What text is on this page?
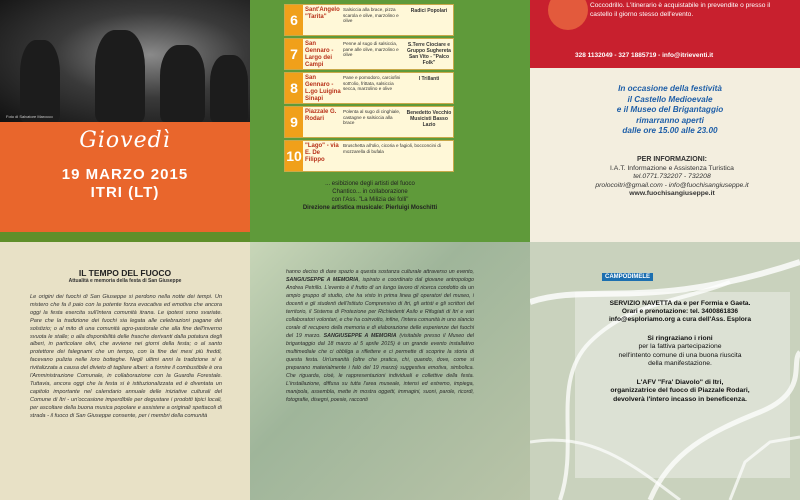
Foto di Salvatore Marocco
Giovedì
19 MARZO 2015
ITRI (LT)
6
Sant'Angelo "Tarita"
Salsiccia alla brace, pizza scarola e olive, marzolino e olive
Radici Popolari
7
San Gennaro - Largo dei Campi
Penne al sugo di salsiccia, pane alle olive, marzolino e olive
S.Terre Ciociare e Gruppo Sughereta San Vito - "Palco Folk"
8
San Gennaro - L.go Luigina Sinapi
Pane e pomodoro, carciofini sott'olio, frittata, salsiccia secca, marzolino e olive
I Trillanti
9
Piazzale G. Rodari
Polenta al sugo di cinghiale, castagne e salsiccia alla brace
Benedetto Vecchio Musicisti Basso Lazio
10
"Lago" - via E. De Filippo
Bruschetta all'olio, cicoria e fagioli, bocconcini di mozzarella di bufala
... esibizione degli artisti del fuoco
Chantico... in collaborazione
con l'Ass. "La Milizia dei folli"
Direzione artistica musicale: Pierluigi Moschitti
Coccodrillo. L'itinerario è acquistabile in prevendite o presso il castello il giorno stesso dell'evento.
328 1132049 - 327 1885719 - info@itrieventi.it
In occasione della festività
il Castello Medioevale
e il Museo del Brigantaggio
rimarranno aperti
dalle ore 15.00 alle 23.00
PER INFORMAZIONI:
I.A.T. Informazione e Assistenza Turistica
tel.0771.732207 - 732208
prolocoitri@gmail.com - info@fuochisangiuseppe.it
www.fuochisangiuseppe.it
IL TEMPO DEL FUOCO
Attualità e memoria della festa di San Giuseppe
Le origini dei fuochi di San Giuseppe si perdono nella notte dei tempi. Un mistero che fa il paio con la potente forza evocativa ed emotiva che ancora oggi la festa esercita sull'intera comunità itrana. Le ipotesi sono svariate. Pare che la tradizione dei fuochi sia legata alle celebrazioni pagane del solstizio; o al mito di una comunità agro-pastorale che alla fine dell'inverno svuota le stalle; o alla disponibilità delle frasche derivanti dalla potatura degli alberi, in particolare olivi, che avviene nei giorni della festa; o al santo protettore dei falegnami che un tempo, con la fine dei mesi più freddi, facevano pulizia nelle loro botteghe. Negli ultimi anni la tradizione si è rivitalizzata a causa del divieto di tagliare alberi: a fornire il combustibile è ora l'Amministrazione Comunale, in collaborazione con la Guardia Forestale. Tuttavia, ancora oggi che la festa si è istituzionalizzata ed è diventata un capitolo importante nel calendario annuale delle iniziative culturali del Comune di Itri - un'occasione imperdibile per degustare i prodotti tipici locali, per ascoltare della buona musica popolare e assistere a originali spettacoli di strada - il fuoco di San Giuseppe consente, per i membri della comunità
hanno deciso di dare spazio a questa sostanza culturale attraverso un evento, SANGIUSEPPE A MEMORIA, ispirato e coordinato dal giovane antropologo Andrea Petrillo. L'evento è il frutto di un lungo lavoro di ricerca condotto da un ampio gruppo di studio, che ha visto in prima linea gli operatori del museo, i docenti e gli studenti dell'Istituto Comprensivo di Itri, gli artisti e gli scrittori del territorio, il Sistema di Protezione per Richiedenti Asilo e Rifugiati di Itri e vari collaboratori volontari, e che ha coinvolto, infine, l'intera comunità in uno slancio corale di recupero della memoria e di elaborazione delle esperienze dei fuochi del 19 marzo. SANGIUSEPPE A MEMORIA (visitabile presso il Museo del brigantaggio dal 18 marzo al 5 aprile 2015) è un grande evento installativo multimediale che ci obbliga a riflettere e ci permette di scoprire la storia di questa festa. Un'umanità (oltre che pratica, chi, quando, dove, come si preparano materialmente i falò del 19 marzo) suggestiva emotiva, simbolica. Che riguarda, cioè, le rappresentazioni individuali e collettive della festa. L'installazione, diffusa su tutta l'area museale, intensi ed estremo, impiega, manipola, assembla, mette in mostra oggetti, immagini, suoni, parole, ricordi, fotografie, disegni, poesie, racconti
CAMPODIMELE
SERVIZIO NAVETTA da e per Formia e Gaeta.
Orari e prenotazione: tel. 3400861836
info@esploriamo.org a cura dell'Ass. Esplora
Si ringraziano i rioni
per la fattiva partecipazione
nell'intento comune di una buona riuscita
della manifestazione.
L'AFV "Fra' Diavolo" di Itri,
organizzatrice del fuoco di Piazzale Rodari,
devolverà l'intero incasso in beneficenza.
